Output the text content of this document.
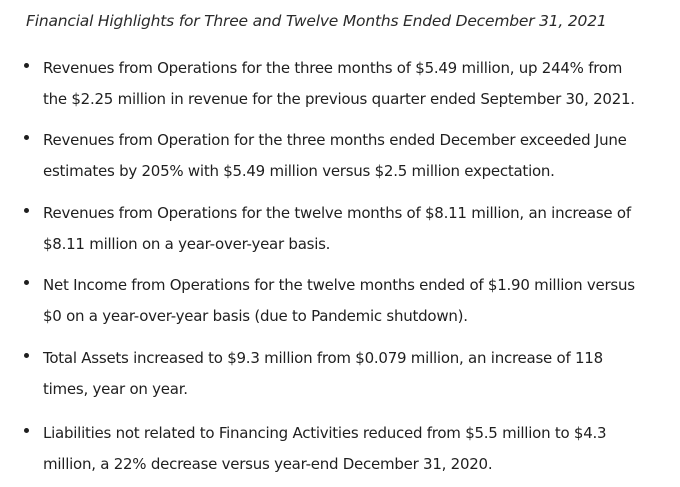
Financial Highlights for Three and Twelve Months Ended December 31, 2021
Revenues from Operations for the three months of $5.49 million, up 244% from
the $2.25 million in revenue for the previous quarter ended September 30, 2021.
Revenues from Operation for the three months ended December exceeded June
estimates by 205% with $5.49 million versus $2.5 million expectation.
Revenues from Operations for the twelve months of $8.11 million, an increase of
$8.11 million on a year-over-year basis.
Net Income from Operations for the twelve months ended of $1.90 million versus
$0 on a year-over-year basis (due to Pandemic shutdown).
Total Assets increased to $9.3 million from $0.079 million, an increase of 118
times, year on year.
Liabilities not related to Financing Activities reduced from $5.5 million to $4.3
million, a 22% decrease versus year-end December 31, 2020.
